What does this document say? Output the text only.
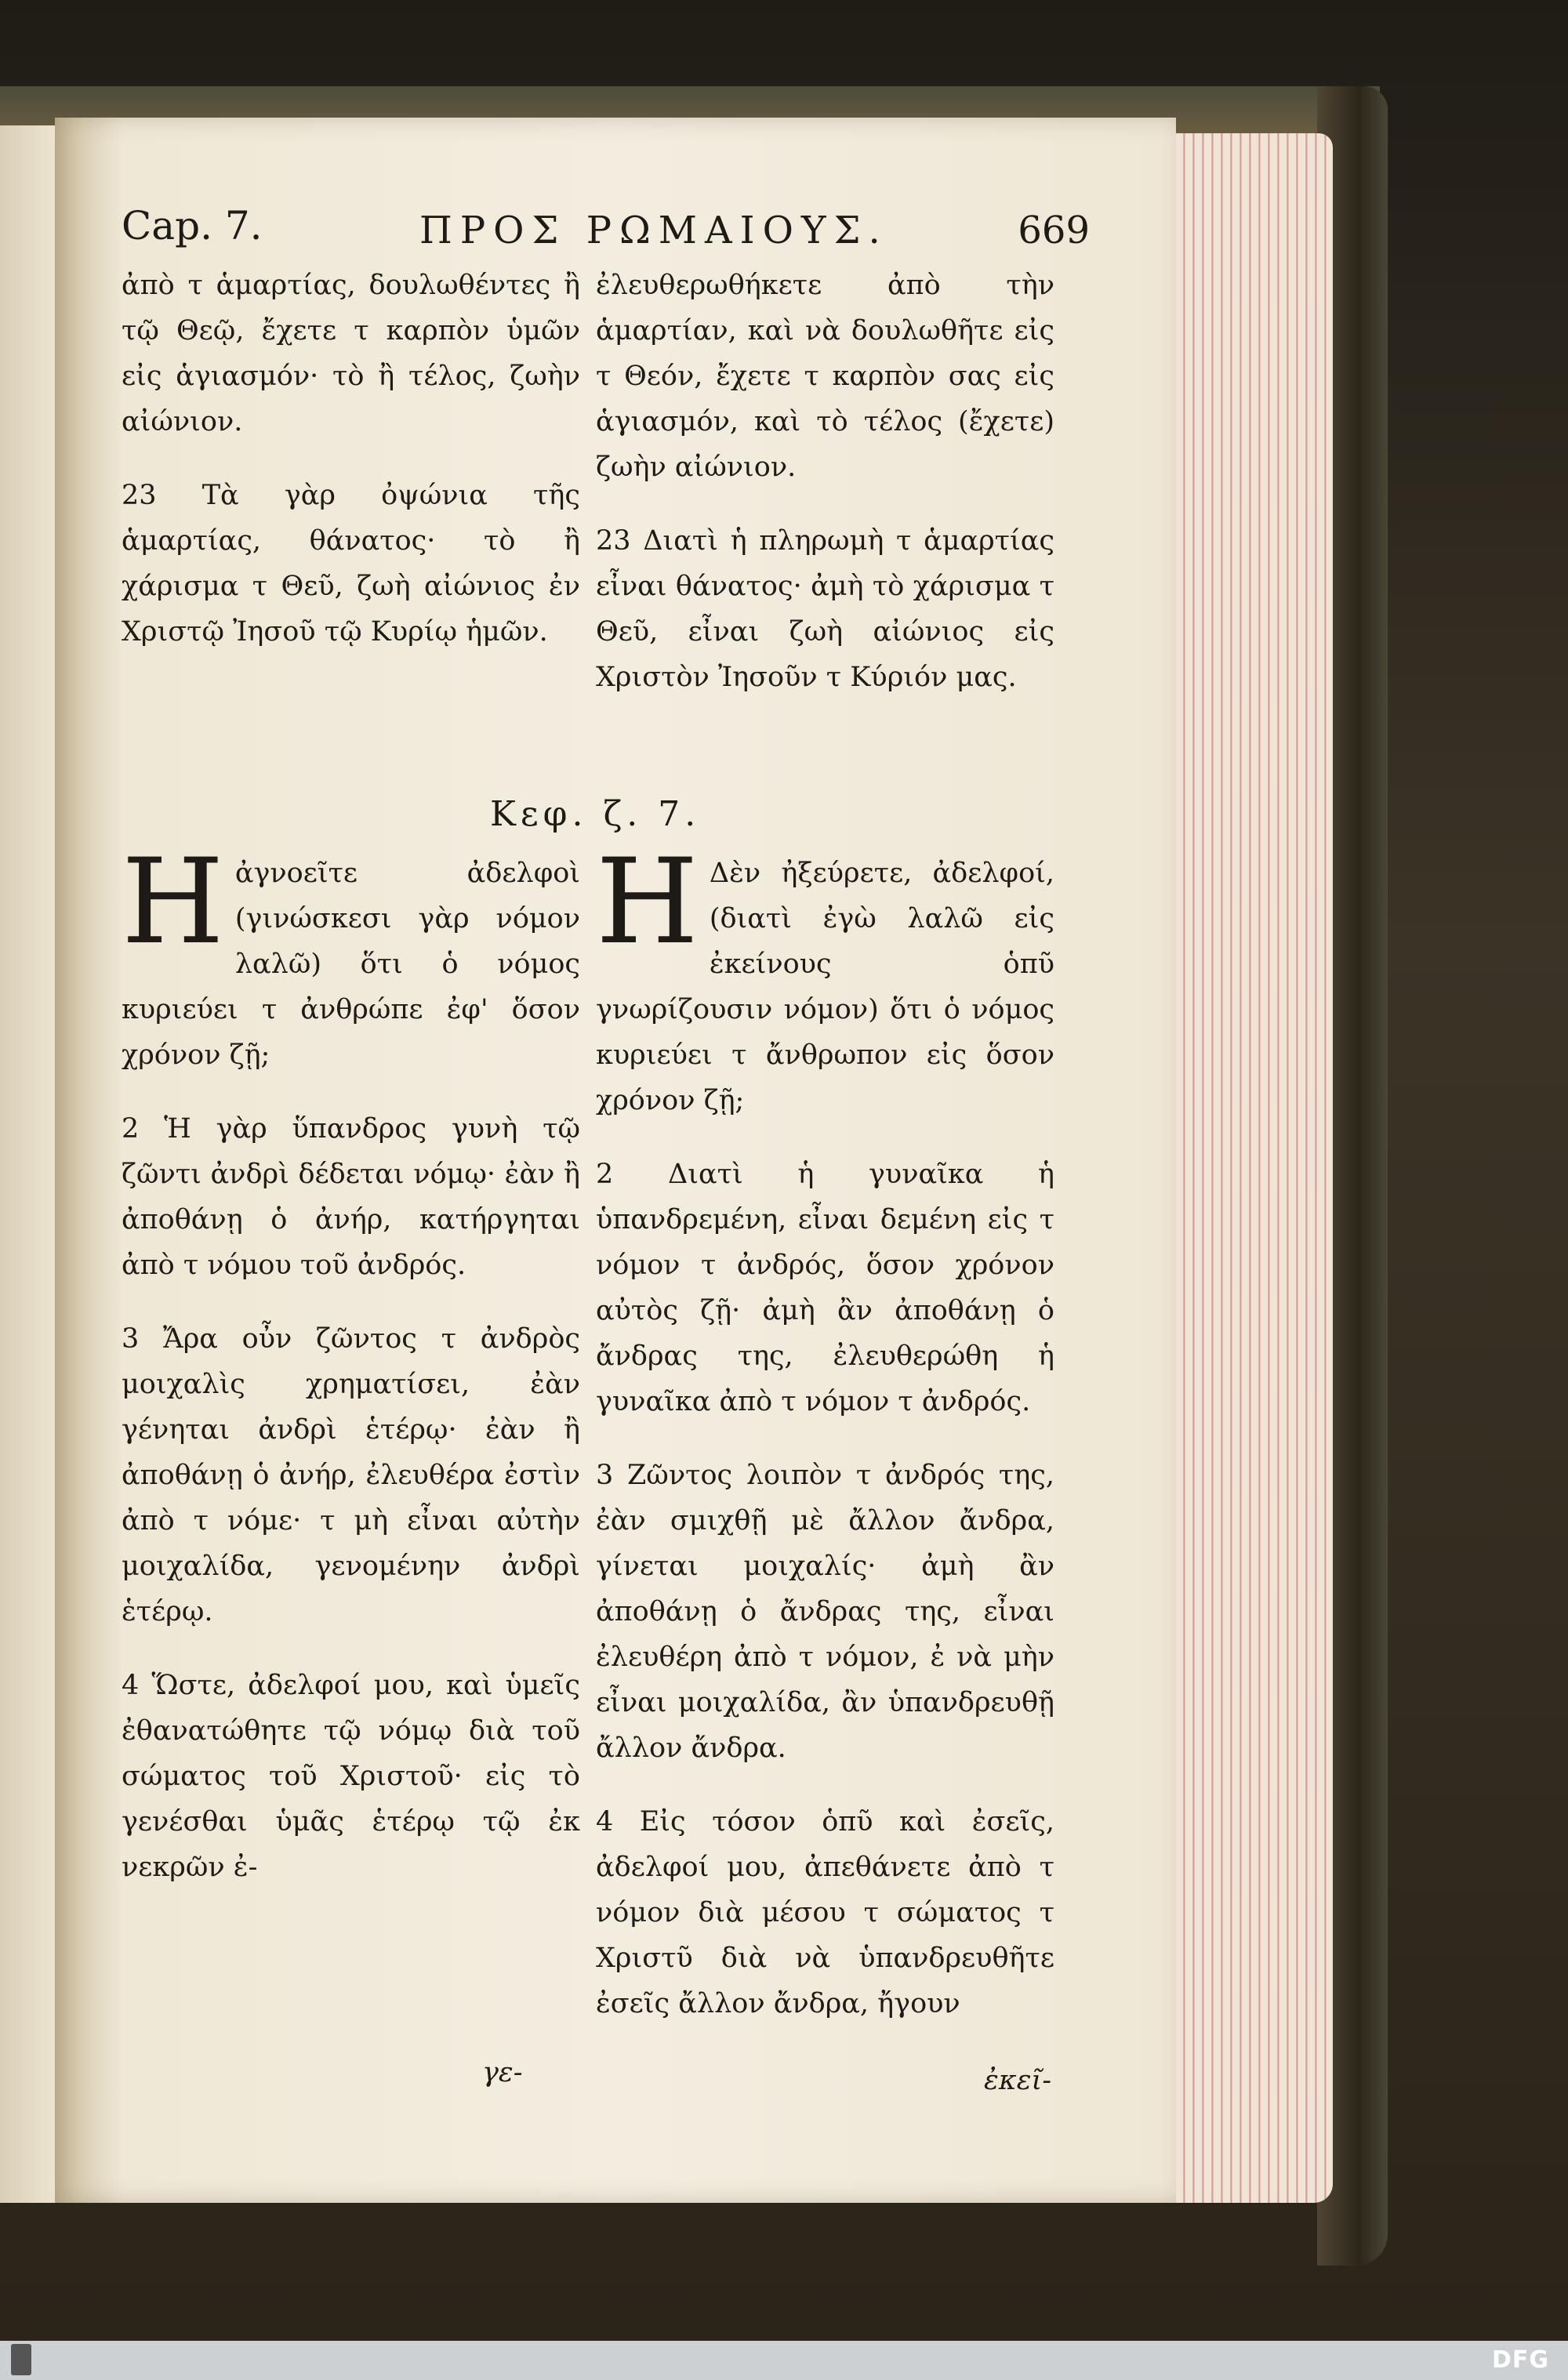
Cap. 7.	ΠΡΟΣ ΡΩΜΑΙΟΥΣ.	669

ἀπὸ τ ἁμαρτίας, δουλωθέντες ἢ τῷ Θεῷ, ἔχετε τ καρπὸν ὑμῶν εἰς ἁγιασμόν· τὸ ἢ τέλος, ζωὴν αἰώνιον.

23 Τὰ γὰρ ὀψώνια τῆς ἁμαρτίας, θάνατος· τὸ ἢ χάρισμα τ Θεῦ, ζωὴ αἰώνιος ἐν Χριστῷ Ἰησοῦ τῷ Κυρίῳ ἡμῶν.

ἐλευθερωθήκετε ἀπὸ τὴν ἁμαρτίαν, καὶ νὰ δουλωθῆτε εἰς τ Θεόν, ἔχετε τ καρπὸν σας εἰς ἁγιασμόν, καὶ τὸ τέλος (ἔχετε) ζωὴν αἰώνιον.

23 Διατὶ ἡ πληρωμὴ τ ἁμαρτίας εἶναι θάνατος· ἀμὴ τὸ χάρισμα τ Θεῦ, εἶναι ζωὴ αἰώνιος εἰς Χριστὸν Ἰησοῦν τ Κύριόν μας.

Κεφ. ζ. 7.

Η ἀγνοεῖτε ἀδελφοὶ (γινώσκεσι γὰρ νόμον λαλῶ) ὅτι ὁ νόμος κυριεύει τ ἀνθρώπε ἐφ' ὅσον χρόνον ζῇ;

2 Ἡ γὰρ ὕπανδρος γυνὴ τῷ ζῶντι ἀνδρὶ δέδεται νόμῳ· ἐὰν ἢ ἀποθάνῃ ὁ ἀνήρ, κατήργηται ἀπὸ τ νόμου τοῦ ἀνδρός.

3 Ἄρα οὖν ζῶντος τ ἀνδρὸς μοιχαλὶς χρηματίσει, ἐὰν γένηται ἀνδρὶ ἑτέρῳ· ἐὰν ἢ ἀποθάνῃ ὁ ἀνήρ, ἐλευθέρα ἐστὶν ἀπὸ τ νόμε· τ μὴ εἶναι αὐτὴν μοιχαλίδα, γενομένην ἀνδρὶ ἑτέρῳ.

4 Ὥστε, ἀδελφοί μου, καὶ ὑμεῖς ἐθανατώθητε τῷ νόμῳ διὰ τοῦ σώματος τοῦ Χριστοῦ· εἰς τὸ γενέσθαι ὑμᾶς ἑτέρῳ τῷ ἐκ νεκρῶν ἐ-

γε-

Η Δὲν ἠξεύρετε, ἀδελφοί, (διατὶ ἐγὼ λαλῶ εἰς ἐκείνους ὁπῦ γνωρίζουσιν νόμον) ὅτι ὁ νόμος κυριεύει τ ἄνθρωπον εἰς ὅσον χρόνον ζῇ;

2 Διατὶ ἡ γυναῖκα ἡ ὑπανδρεμένη, εἶναι δεμένη εἰς τ νόμον τ ἀνδρός, ὅσον χρόνον αὐτὸς ζῇ· ἀμὴ ἂν ἀποθάνῃ ὁ ἄνδρας της, ἐλευθερώθη ἡ γυναῖκα ἀπὸ τ νόμον τ ἀνδρός.

3 Ζῶντος λοιπὸν τ ἀνδρός της, ἐὰν σμιχθῇ μὲ ἄλλον ἄνδρα, γίνεται μοιχαλίς· ἀμὴ ἂν ἀποθάνῃ ὁ ἄνδρας της, εἶναι ἐλευθέρη ἀπὸ τ νόμον, ἐ νὰ μὴν εἶναι μοιχαλίδα, ἂν ὑπανδρευθῇ ἄλλον ἄνδρα.

4 Εἰς τόσον ὁπῦ καὶ ἐσεῖς, ἀδελφοί μου, ἀπεθάνετε ἀπὸ τ νόμον διὰ μέσου τ σώματος τ Χριστῦ διὰ νὰ ὑπανδρευθῆτε ἐσεῖς ἄλλον ἄνδρα, ἤγουν

ἐκεῖ-
DFG
